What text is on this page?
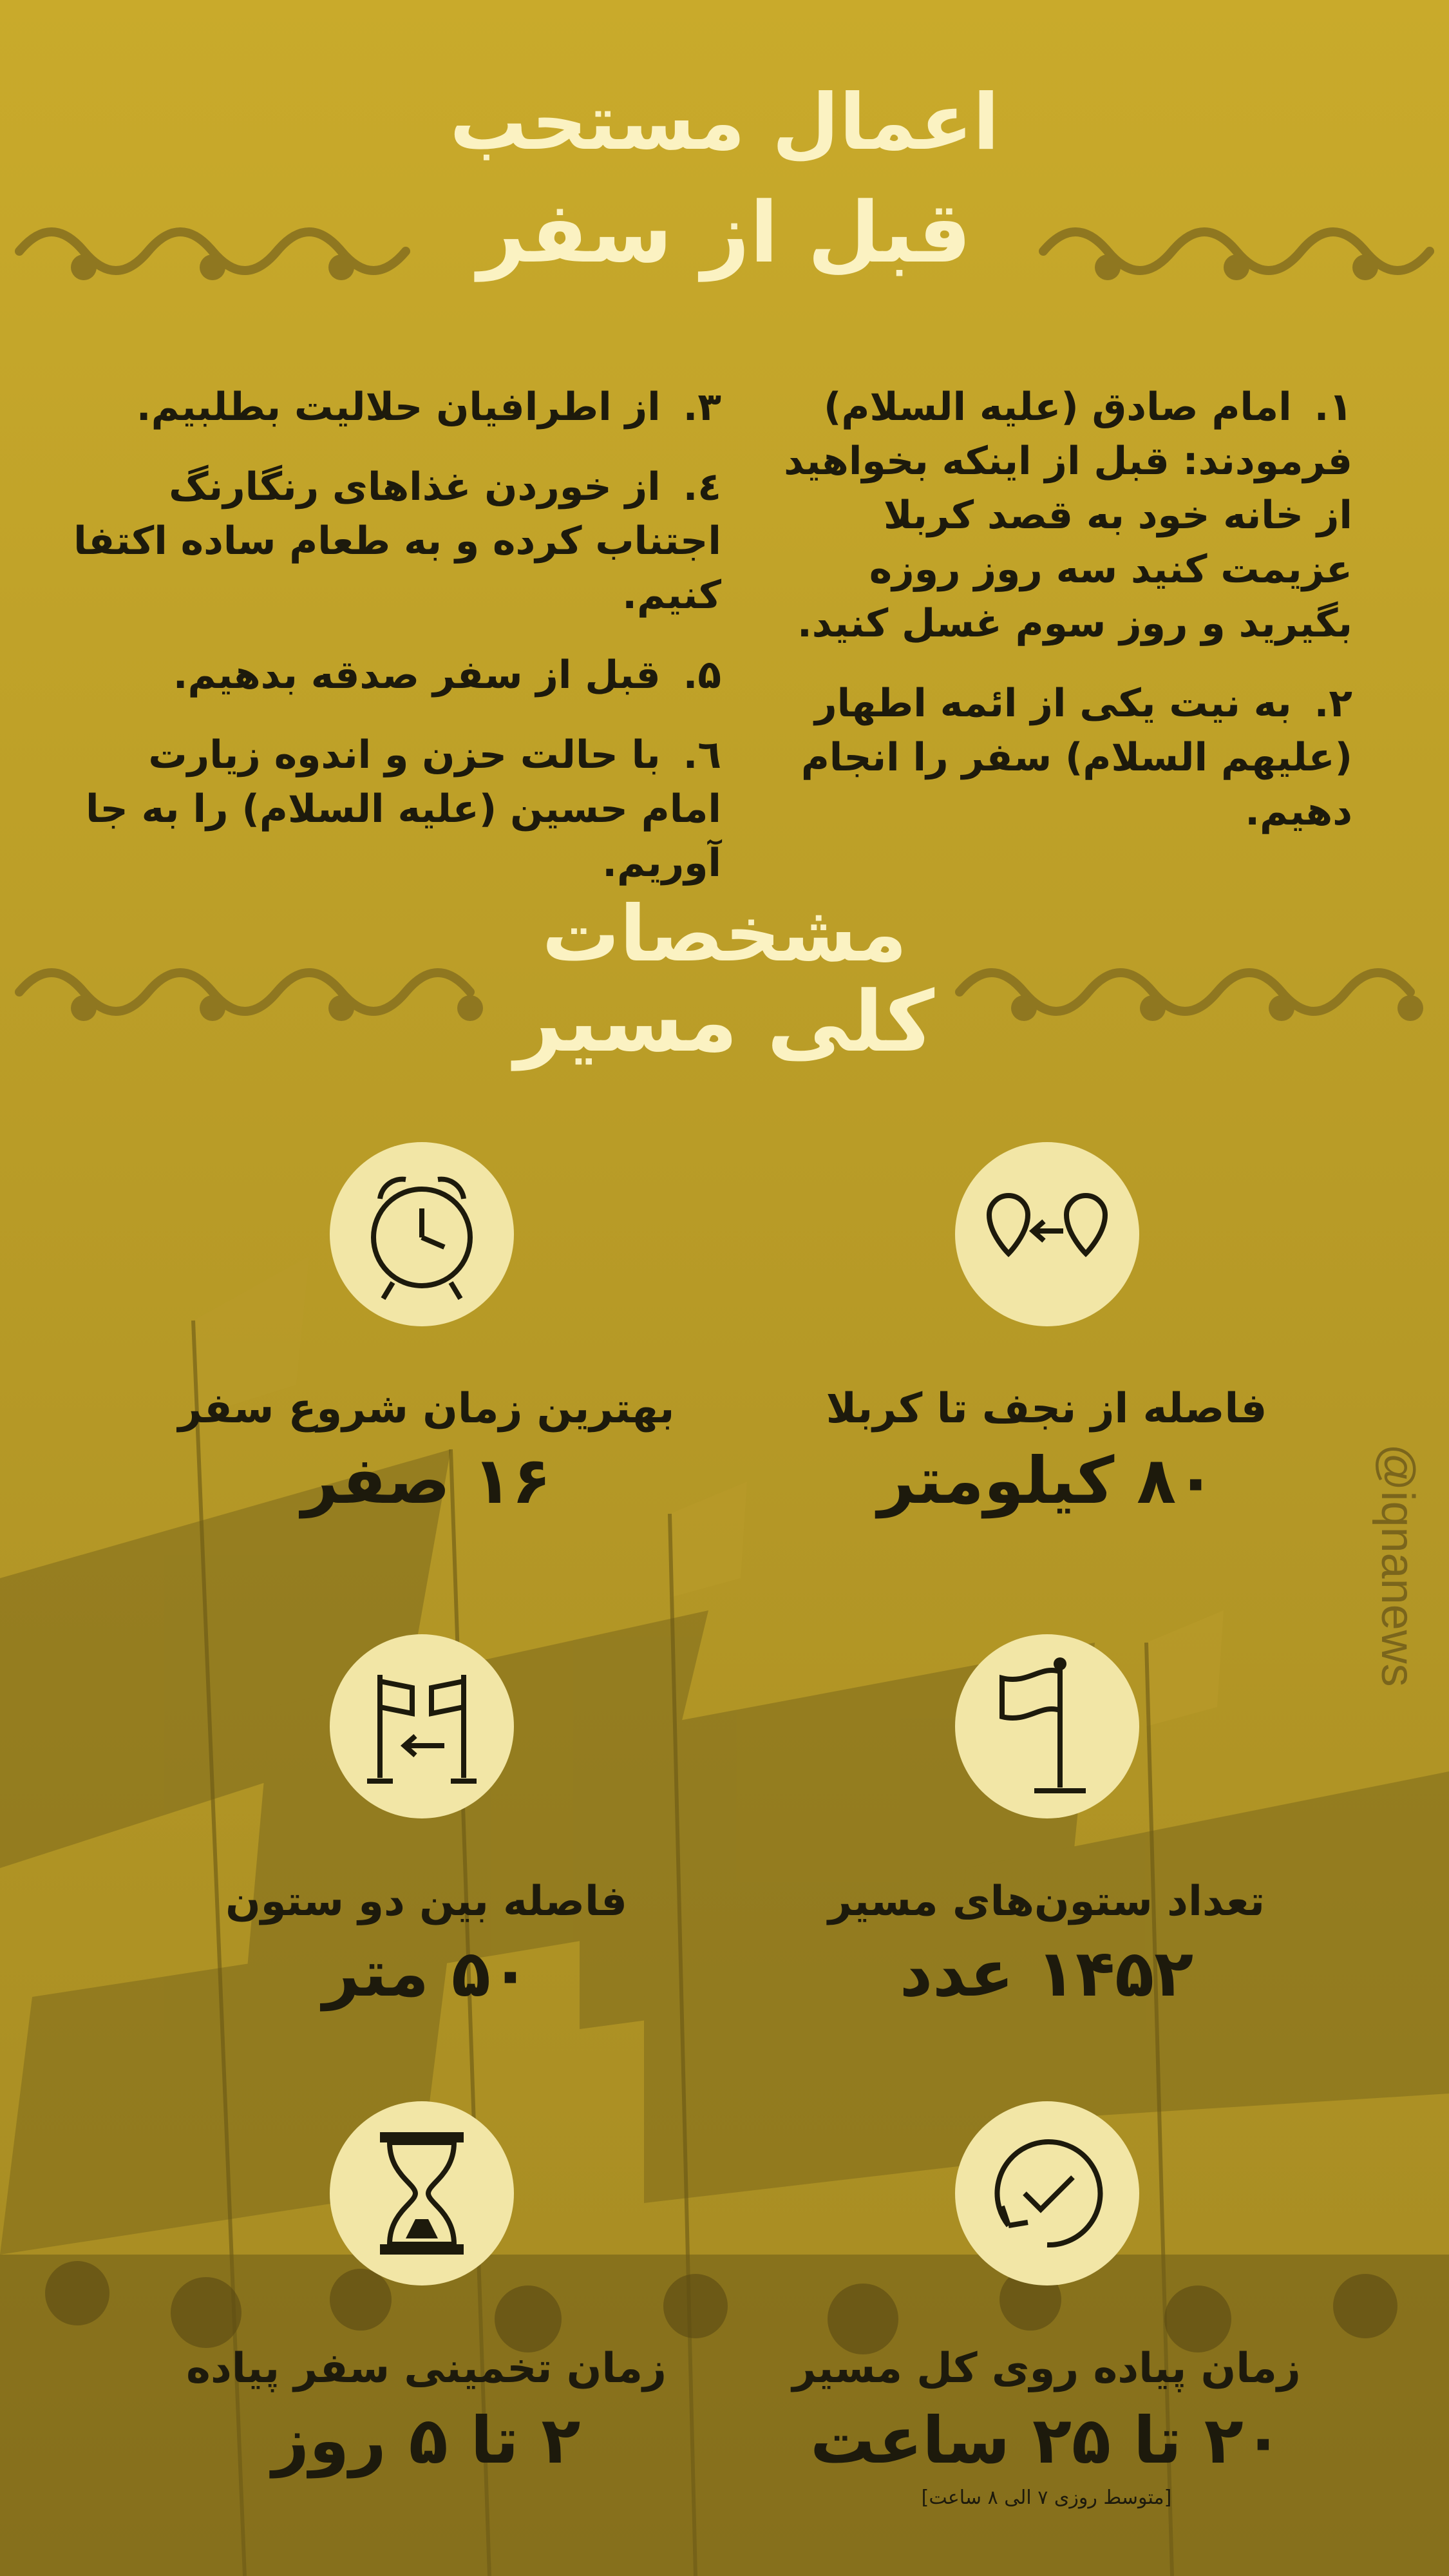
اعمال مستحب
قبل از سفر
۱. امام صادق (علیه السلام) فرمودند: قبل از اینکه بخواهید از خانه خود به قصد کربلا عزیمت کنید سه روز روزه بگیرید و روز سوم غسل کنید.
۲. به نیت یکی از ائمه اطهار (علیهم السلام) سفر را انجام دهیم.
۳. از اطرافیان حلالیت بطلبیم.
٤. از خوردن غذاهای رنگارنگ اجتناب کرده و به طعام ساده اکتفا کنیم.
۵. قبل از سفر صدقه بدهیم.
٦. با حالت حزن و اندوه زیارت امام حسین (علیه السلام) را به جا آوریم.
مشخصات
کلی مسیر
فاصله از نجف تا کربلا
۸۰ کیلومتر
بهترین زمان شروع سفر
۱۶ صفر
تعداد ستون‌های مسیر
۱۴۵۲ عدد
فاصله بین دو ستون
۵۰ متر
زمان پیاده روی کل مسیر
۲۰ تا ۲۵ ساعت
[متوسط روزی ۷ الی ۸ ساعت]
زمان تخمینی سفر پیاده
۲ تا ۵ روز
@iqnanews
